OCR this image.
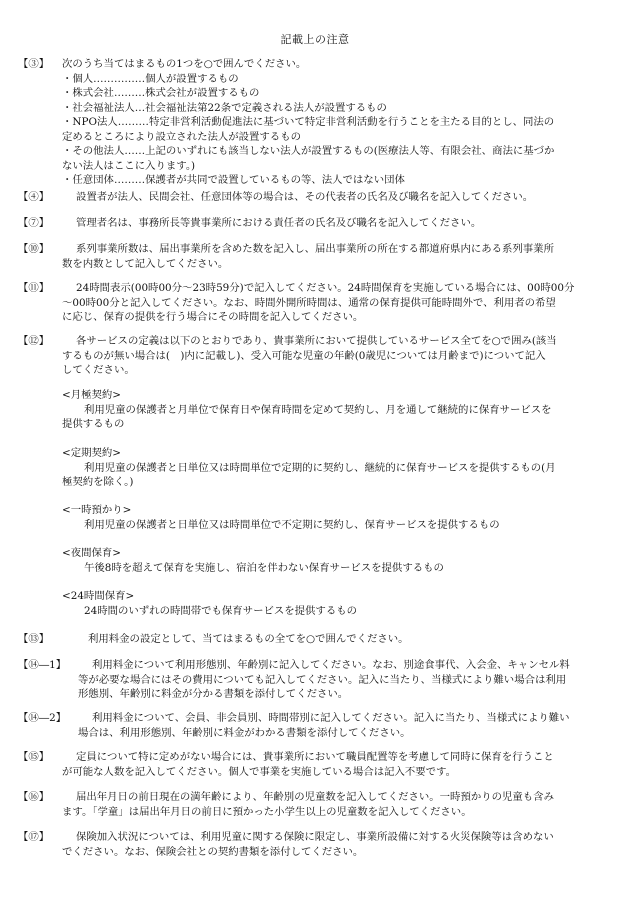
記載上の注意
【③】 次のうち当てはまるもの1つを○で囲んでください。
・個人……………個人が設置するもの
・株式会社………株式会社が設置するもの
・社会福祉法人…社会福祉法第22条で定義される法人が設置するもの
・NPO法人………特定非営利活動促進法に基づいて特定非営利活動を行うことを主たる目的とし、同法の
定めるところにより設立された法人が設置するもの
・その他法人……上記のいずれにも該当しない法人が設置するもの(医療法人等、有限会社、商法に基づか
ない法人はここに入ります。)
・任意団体………保護者が共同で設置しているもの等、法人ではない団体
【④】	設置者が法人、民間会社、任意団体等の場合は、その代表者の氏名及び職名を記入してください。
【⑦】	管理者名は、事務所長等貴事業所における責任者の氏名及び職名を記入してください。
【⑩】	系列事業所数は、届出事業所を含めた数を記入し、届出事業所の所在する都道府県内にある系列事業所
数を内数として記入してください。
【⑪】	24時間表示(00時00分～23時59分)で記入してください。24時間保育を実施している場合には、00時00分
～00時00分と記入してください。なお、時間外開所時間は、通常の保育提供可能時間外で、利用者の希望
に応じ、保育の提供を行う場合にその時間を記入してください。
【⑫】	各サービスの定義は以下のとおりであり、貴事業所において提供しているサービス全てを○で囲み(該当
するものが無い場合は(　)内に記載し)、受入可能な児童の年齢(0歳児については月齢まで)について記入
してください。
<月極契約>
利用児童の保護者と月単位で保育日や保育時間を定めて契約し、月を通して継続的に保育サービスを
提供するもの
<定期契約>
利用児童の保護者と日単位又は時間単位で定期的に契約し、継続的に保育サービスを提供するもの(月
極契約を除く。)
<一時預かり>
利用児童の保護者と日単位又は時間単位で不定期に契約し、保育サービスを提供するもの
<夜間保育>
午後8時を超えて保育を実施し、宿泊を伴わない保育サービスを提供するもの
<24時間保育>
24時間のいずれの時間帯でも保育サービスを提供するもの
【⑬】	利用料金の設定として、当てはまるもの全てを○で囲んでください。
【⑭―1】	利用料金について利用形態別、年齢別に記入してください。なお、別途食事代、入会金、キャンセル料
等が必要な場合にはその費用についても記入してください。記入に当たり、当様式により難い場合は利用
形態別、年齢別に料金が分かる書類を添付してください。
【⑭―2】	利用料金について、会員、非会員別、時間帯別に記入してください。記入に当たり、当様式により難い
場合は、利用形態別、年齢別に料金がわかる書類を添付してください。
【⑮】	定員について特に定めがない場合には、貴事業所において職員配置等を考慮して同時に保育を行うこと
が可能な人数を記入してください。個人で事業を実施している場合は記入不要です。
【⑯】	届出年月日の前日現在の満年齢により、年齢別の児童数を記入してください。一時預かりの児童も含み
ます。「学童」は届出年月日の前日に預かった小学生以上の児童数を記入してください。
【⑰】	保険加入状況については、利用児童に関する保険に限定し、事業所設備に対する火災保険等は含めない
でください。なお、保険会社との契約書類を添付してください。
